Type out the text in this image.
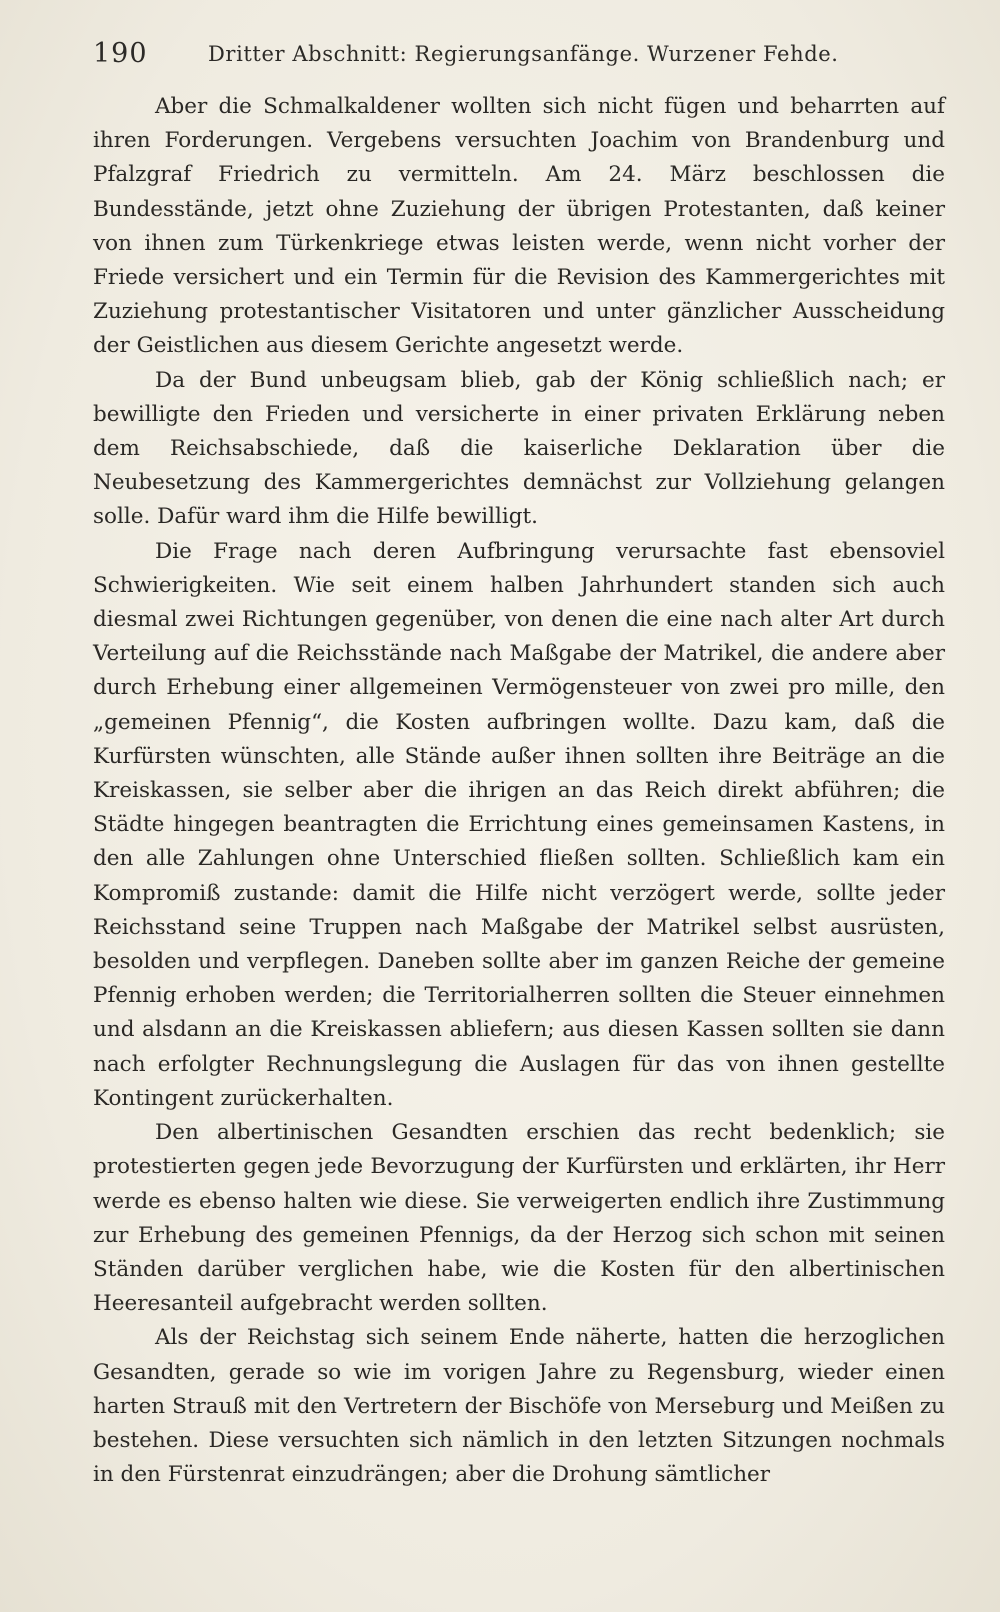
190	Dritter Abschnitt: Regierungsanfänge. Wurzener Fehde.

Aber die Schmalkaldener wollten sich nicht fügen und beharrten auf ihren Forderungen. Vergebens versuchten Joachim von Brandenburg und Pfalzgraf Friedrich zu vermitteln. Am 24. März beschlossen die Bundesstände, jetzt ohne Zuziehung der übrigen Protestanten, daß keiner von ihnen zum Türkenkriege etwas leisten werde, wenn nicht vorher der Friede versichert und ein Termin für die Revision des Kammergerichtes mit Zuziehung protestantischer Visitatoren und unter gänzlicher Ausscheidung der Geistlichen aus diesem Gerichte angesetzt werde.

Da der Bund unbeugsam blieb, gab der König schließlich nach; er bewilligte den Frieden und versicherte in einer privaten Erklärung neben dem Reichsabschiede, daß die kaiserliche Deklaration über die Neubesetzung des Kammergerichtes demnächst zur Vollziehung gelangen solle. Dafür ward ihm die Hilfe bewilligt.

Die Frage nach deren Aufbringung verursachte fast ebensoviel Schwierigkeiten. Wie seit einem halben Jahrhundert standen sich auch diesmal zwei Richtungen gegenüber, von denen die eine nach alter Art durch Verteilung auf die Reichsstände nach Maßgabe der Matrikel, die andere aber durch Erhebung einer allgemeinen Vermögensteuer von zwei pro mille, den „gemeinen Pfennig“, die Kosten aufbringen wollte. Dazu kam, daß die Kurfürsten wünschten, alle Stände außer ihnen sollten ihre Beiträge an die Kreiskassen, sie selber aber die ihrigen an das Reich direkt abführen; die Städte hingegen beantragten die Errichtung eines gemeinsamen Kastens, in den alle Zahlungen ohne Unterschied fließen sollten. Schließlich kam ein Kompromiß zustande: damit die Hilfe nicht verzögert werde, sollte jeder Reichsstand seine Truppen nach Maßgabe der Matrikel selbst ausrüsten, besolden und verpflegen. Daneben sollte aber im ganzen Reiche der gemeine Pfennig erhoben werden; die Territorialherren sollten die Steuer einnehmen und alsdann an die Kreiskassen abliefern; aus diesen Kassen sollten sie dann nach erfolgter Rechnungslegung die Auslagen für das von ihnen gestellte Kontingent zurückerhalten.

Den albertinischen Gesandten erschien das recht bedenklich; sie protestierten gegen jede Bevorzugung der Kurfürsten und erklärten, ihr Herr werde es ebenso halten wie diese. Sie verweigerten endlich ihre Zustimmung zur Erhebung des gemeinen Pfennigs, da der Herzog sich schon mit seinen Ständen darüber verglichen habe, wie die Kosten für den albertinischen Heeresanteil aufgebracht werden sollten.

Als der Reichstag sich seinem Ende näherte, hatten die herzoglichen Gesandten, gerade so wie im vorigen Jahre zu Regensburg, wieder einen harten Strauß mit den Vertretern der Bischöfe von Merseburg und Meißen zu bestehen. Diese versuchten sich nämlich in den letzten Sitzungen nochmals in den Fürstenrat einzudrängen; aber die Drohung sämtlicher
